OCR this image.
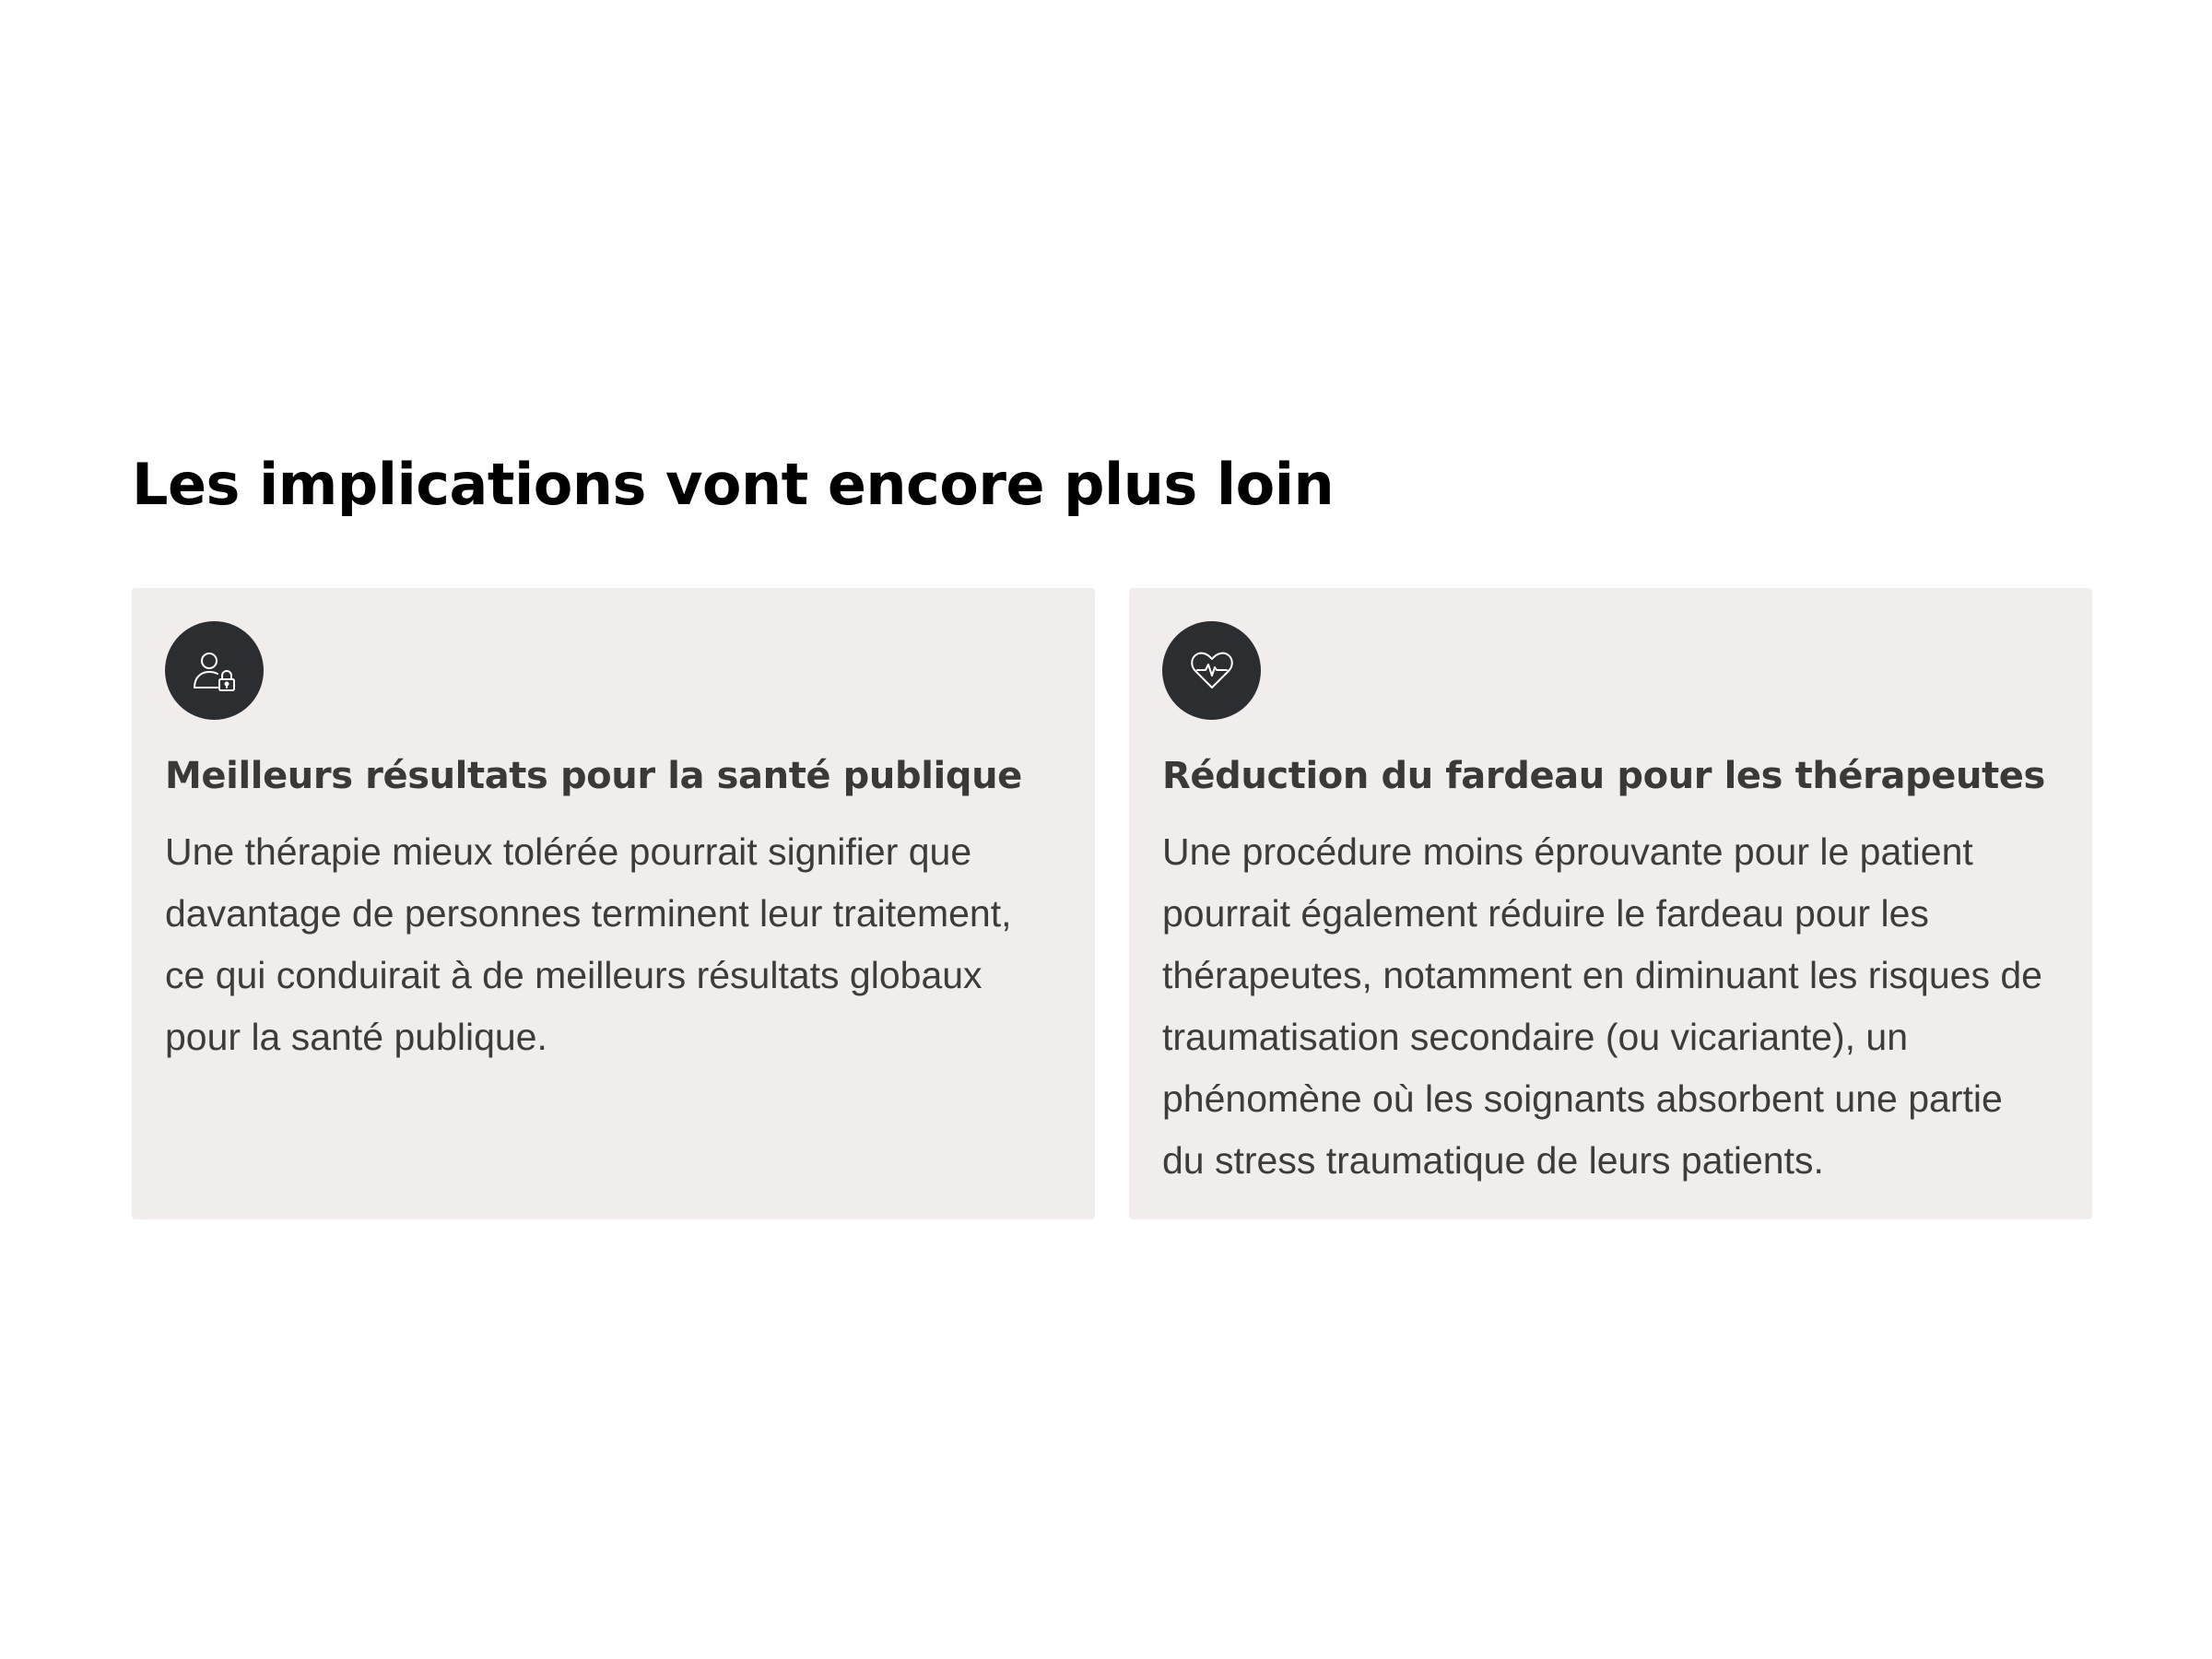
Les implications vont encore plus loin
Meilleurs résultats pour la santé publique

Une thérapie mieux tolérée pourrait signifier que davantage de personnes terminent leur traitement, ce qui conduirait à de meilleurs résultats globaux pour la santé publique.

Réduction du fardeau pour les thérapeutes

Une procédure moins éprouvante pour le patient pourrait également réduire le fardeau pour les thérapeutes, notamment en diminuant les risques de traumatisation secondaire (ou vicariante), un phénomène où les soignants absorbent une partie du stress traumatique de leurs patients.
